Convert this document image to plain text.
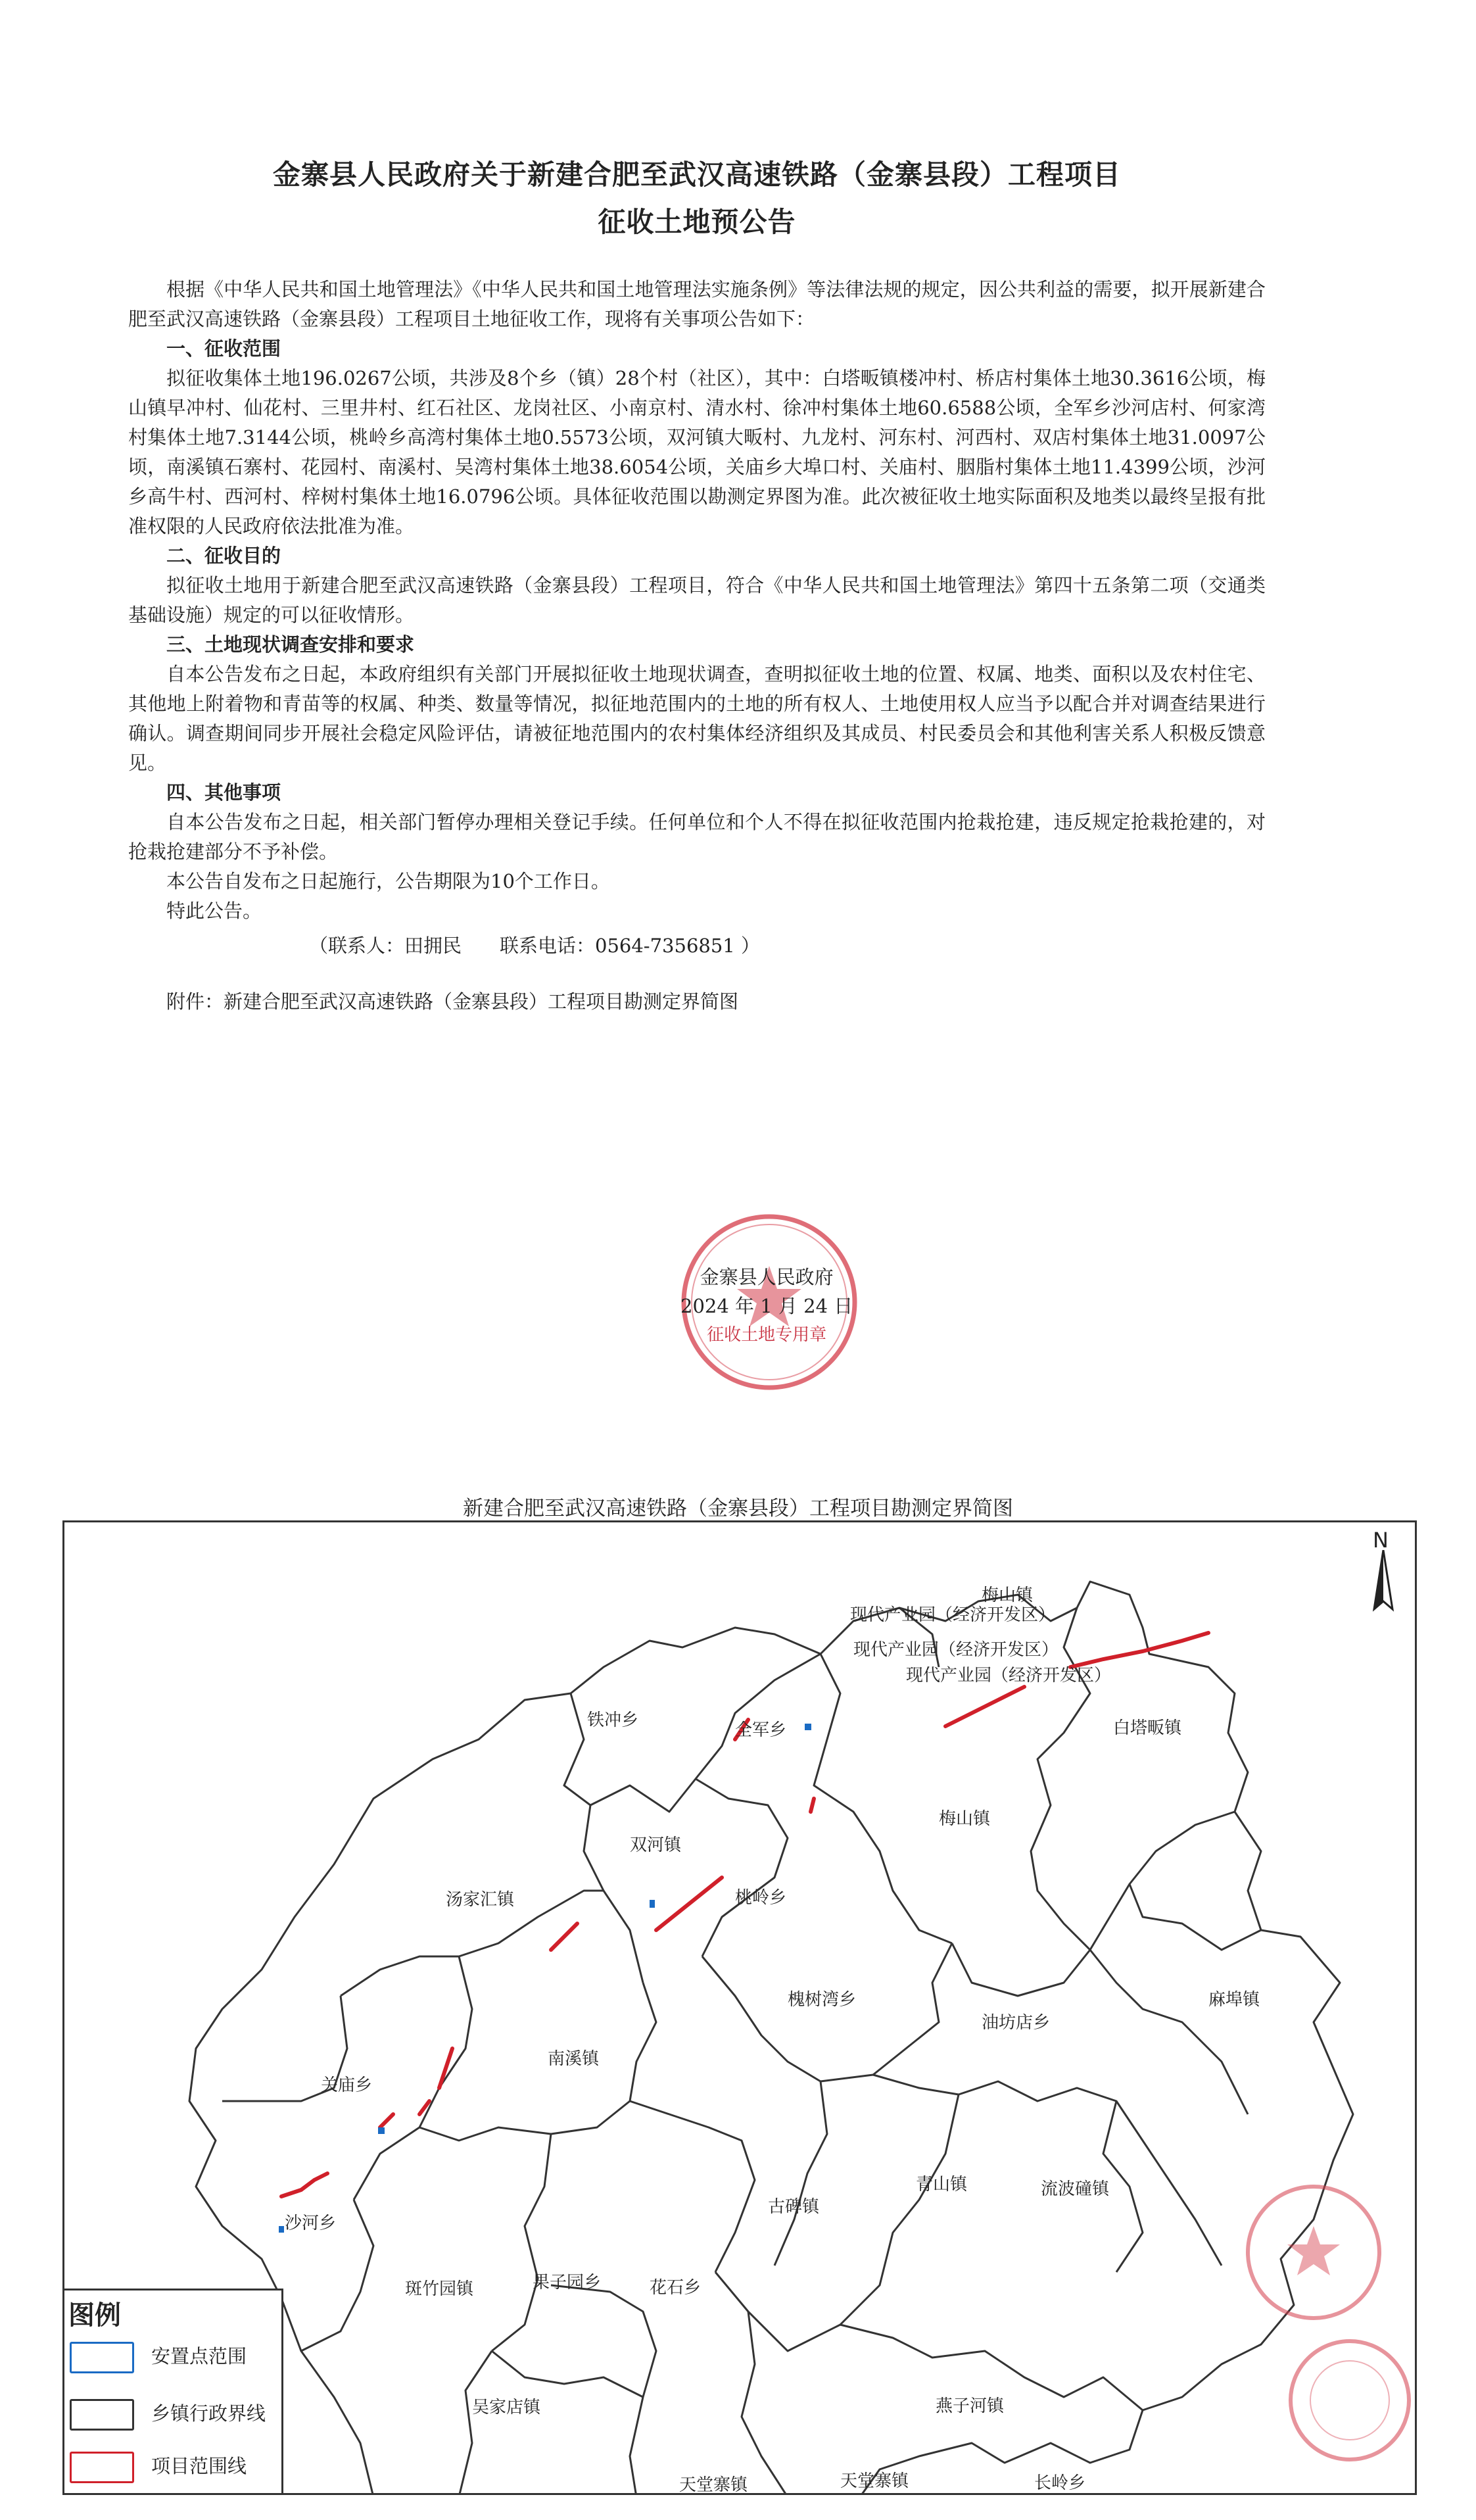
金寨县人民政府关于新建合肥至武汉高速铁路（金寨县段）工程项目
征收土地预公告

根据《中华人民共和国土地管理法》《中华人民共和国土地管理法实施条例》等法律法规的规定，因公共利益的需要，拟开展新建合肥至武汉高速铁路（金寨县段）工程项目土地征收工作，现将有关事项公告如下：

一、征收范围

拟征收集体土地196.0267公顷，共涉及8个乡（镇）28个村（社区），其中：白塔畈镇楼冲村、桥店村集体土地30.3616公顷，梅山镇早冲村、仙花村、三里井村、红石社区、龙岗社区、小南京村、清水村、徐冲村集体土地60.6588公顷，全军乡沙河店村、何家湾村集体土地7.3144公顷，桃岭乡高湾村集体土地0.5573公顷，双河镇大畈村、九龙村、河东村、河西村、双店村集体土地31.0097公顷，南溪镇石寨村、花园村、南溪村、吴湾村集体土地38.6054公顷，关庙乡大埠口村、关庙村、胭脂村集体土地11.4399公顷，沙河乡高牛村、西河村、梓树村集体土地16.0796公顷。具体征收范围以勘测定界图为准。此次被征收土地实际面积及地类以最终呈报有批准权限的人民政府依法批准为准。

二、征收目的

拟征收土地用于新建合肥至武汉高速铁路（金寨县段）工程项目，符合《中华人民共和国土地管理法》第四十五条第二项（交通类基础设施）规定的可以征收情形。

三、土地现状调查安排和要求

自本公告发布之日起，本政府组织有关部门开展拟征收土地现状调查，查明拟征收土地的位置、权属、地类、面积以及农村住宅、其他地上附着物和青苗等的权属、种类、数量等情况，拟征地范围内的土地的所有权人、土地使用权人应当予以配合并对调查结果进行确认。调查期间同步开展社会稳定风险评估，请被征地范围内的农村集体经济组织及其成员、村民委员会和其他利害关系人积极反馈意见。

四、其他事项

自本公告发布之日起，相关部门暂停办理相关登记手续。任何单位和个人不得在拟征收范围内抢栽抢建，违反规定抢栽抢建的，对抢栽抢建部分不予补偿。

本公告自发布之日起施行，公告期限为10个工作日。

特此公告。

（联系人：田拥民　　联系电话：0564-7356851 ）

附件：新建合肥至武汉高速铁路（金寨县段）工程项目勘测定界简图

金寨县人民政府
2024 年 1 月 24 日
征收土地专用章
新建合肥至武汉高速铁路（金寨县段）工程项目勘测定界简图
梅山镇
现代产业园（经济开发区）
现代产业园（经济开发区）
现代产业园（经济开发区）
铁冲乡	全军乡	白塔畈镇
梅山镇
双河镇
汤家汇镇	桃岭乡
槐树湾乡
油坊店乡
麻埠镇
南溪镇
关庙乡
沙河乡
古碑镇
青山镇	流波䃥镇
斑竹园镇	果子园乡	花石乡
吴家店镇	燕子河镇
天堂寨镇	天堂寨镇	长岭乡
N
图例
安置点范围
乡镇行政界线
项目范围线
